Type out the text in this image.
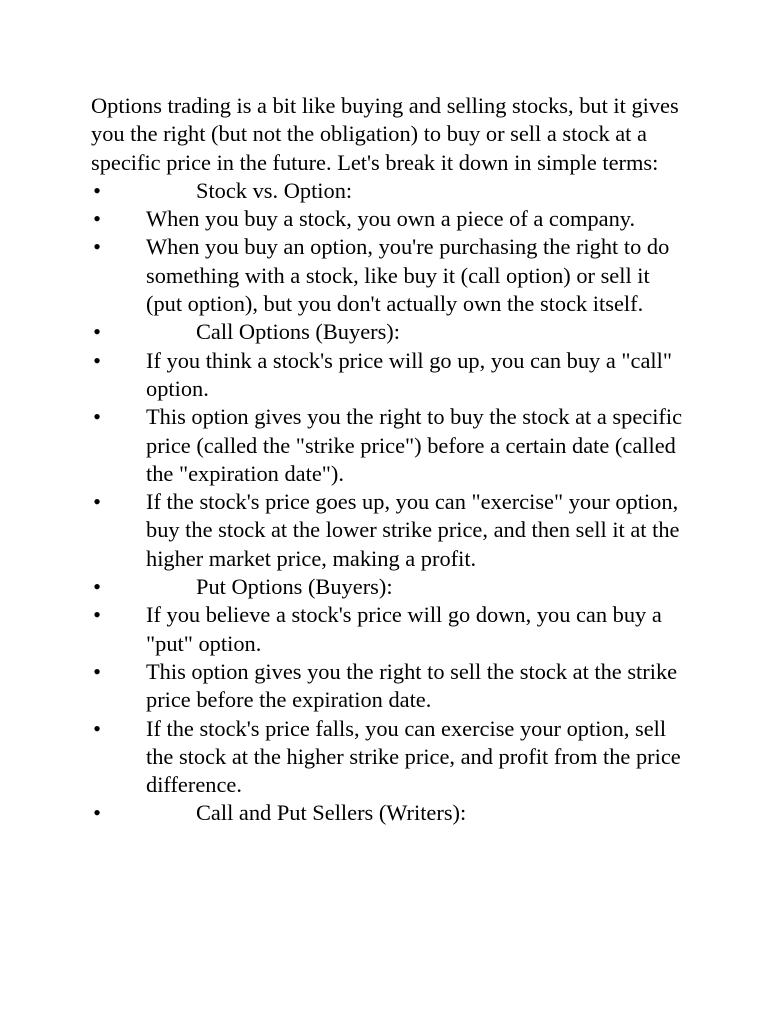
Options trading is a bit like buying and selling stocks, but it gives you the right (but not the obligation) to buy or sell a stock at a specific price in the future. Let's break it down in simple terms:

•	Stock vs. Option:
• When you buy a stock, you own a piece of a company.
• When you buy an option, you're purchasing the right to do something with a stock, like buy it (call option) or sell it (put option), but you don't actually own the stock itself.
•	Call Options (Buyers):
• If you think a stock's price will go up, you can buy a "call" option.
• This option gives you the right to buy the stock at a specific price (called the "strike price") before a certain date (called the "expiration date").
• If the stock's price goes up, you can "exercise" your option, buy the stock at the lower strike price, and then sell it at the higher market price, making a profit.
•	Put Options (Buyers):
• If you believe a stock's price will go down, you can buy a "put" option.
• This option gives you the right to sell the stock at the strike price before the expiration date.
• If the stock's price falls, you can exercise your option, sell the stock at the higher strike price, and profit from the price difference.
•	Call and Put Sellers (Writers):
